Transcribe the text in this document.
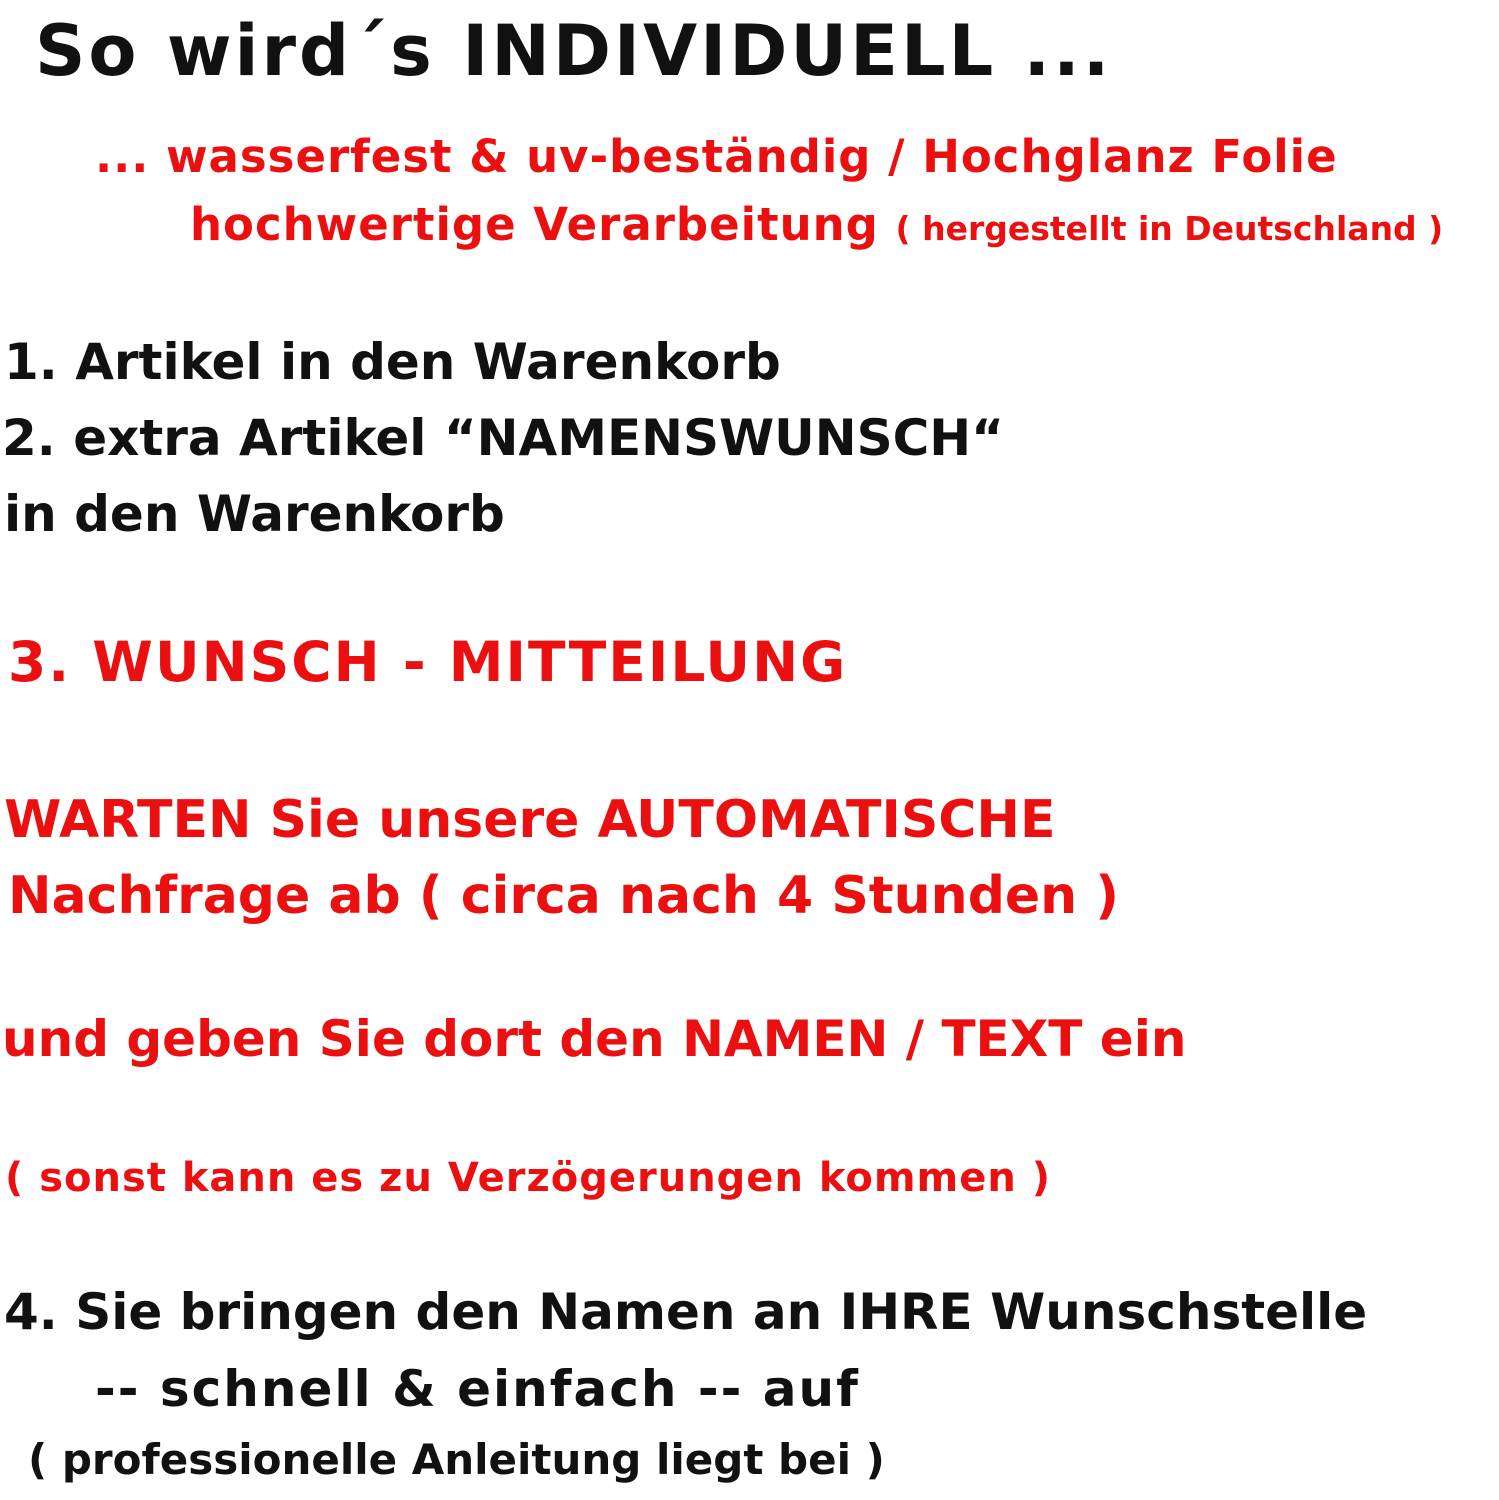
So wird´s INDIVIDUELL ...
... wasserfest & uv-beständig / Hochglanz Folie
hochwertige Verarbeitung ( hergestellt in Deutschland )
1. Artikel in den Warenkorb
2. extra Artikel “NAMENSWUNSCH“
in den Warenkorb
3. WUNSCH - MITTEILUNG
WARTEN Sie unsere AUTOMATISCHE
Nachfrage ab ( circa nach 4 Stunden )
und geben Sie dort den NAMEN / TEXT ein
( sonst kann es zu Verzögerungen kommen )
4. Sie bringen den Namen an IHRE Wunschstelle
-- schnell & einfach -- auf
( professionelle Anleitung liegt bei )
